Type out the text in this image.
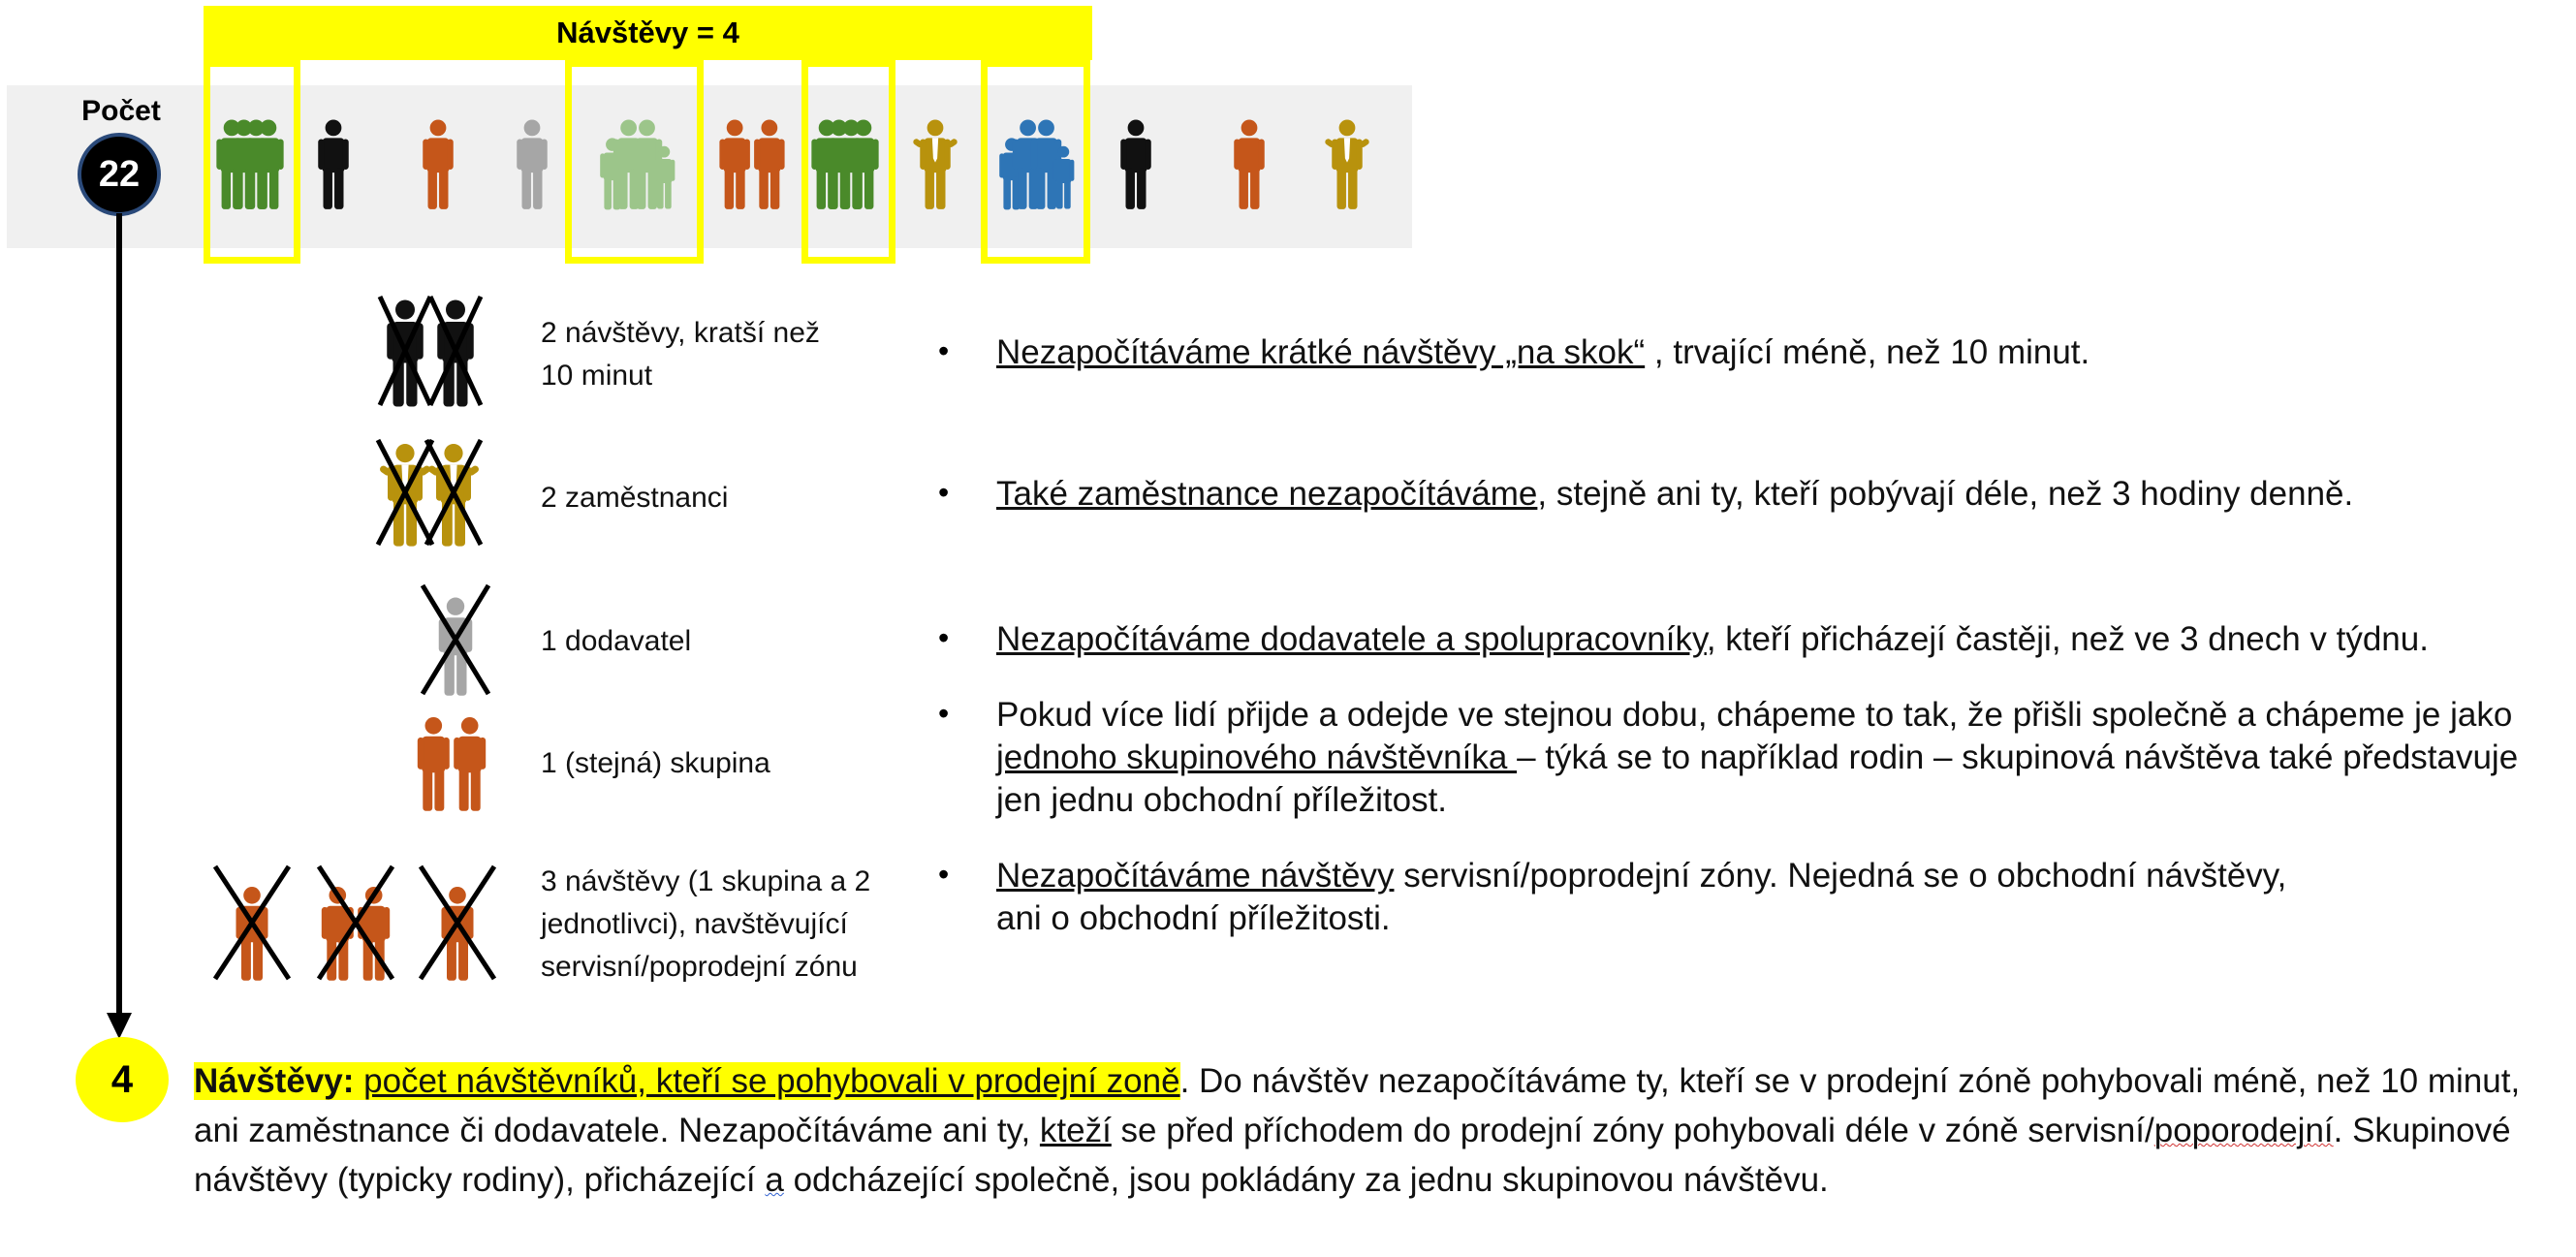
Návštěvy = 4
Počet
22
2 návštěvy, kratší než
10 minut
2 zaměstnanci
1 dodavatel
1 (stejná) skupina
3 návštěvy (1 skupina a 2
jednotlivci), navštěvující
servisní/poprodejní zónu
• Nezapočítáváme krátké návštěvy „na skok“ , trvající méně, než 10 minut.
• Také zaměstnance nezapočítáváme, stejně ani ty, kteří pobývají déle, než 3 hodiny denně.
• Nezapočítáváme dodavatele a spolupracovníky, kteří přicházejí častěji, než ve 3 dnech v týdnu.
• Pokud více lidí přijde a odejde ve stejnou dobu, chápeme to tak, že přišli společně a chápeme je jako jednoho skupinového návštěvníka – týká se to například rodin – skupinová návštěva také představuje jen jednu obchodní příležitost.
• Nezapočítáváme návštěvy servisní/poprodejní zóny. Nejedná se o obchodní návštěvy, ani o obchodní příležitosti.
4 Návštěvy: počet návštěvníků, kteří se pohybovali v prodejní zoně. Do návštěv nezapočítáváme ty, kteří se v prodejní zóně pohybovali méně, než 10 minut, ani zaměstnance či dodavatele. Nezapočítáváme ani ty, kteží se před příchodem do prodejní zóny pohybovali déle v zóně servisní/poporodejní. Skupinové návštěvy (typicky rodiny), přicházející a odcházející společně, jsou pokládány za jednu skupinovou návštěvu.
